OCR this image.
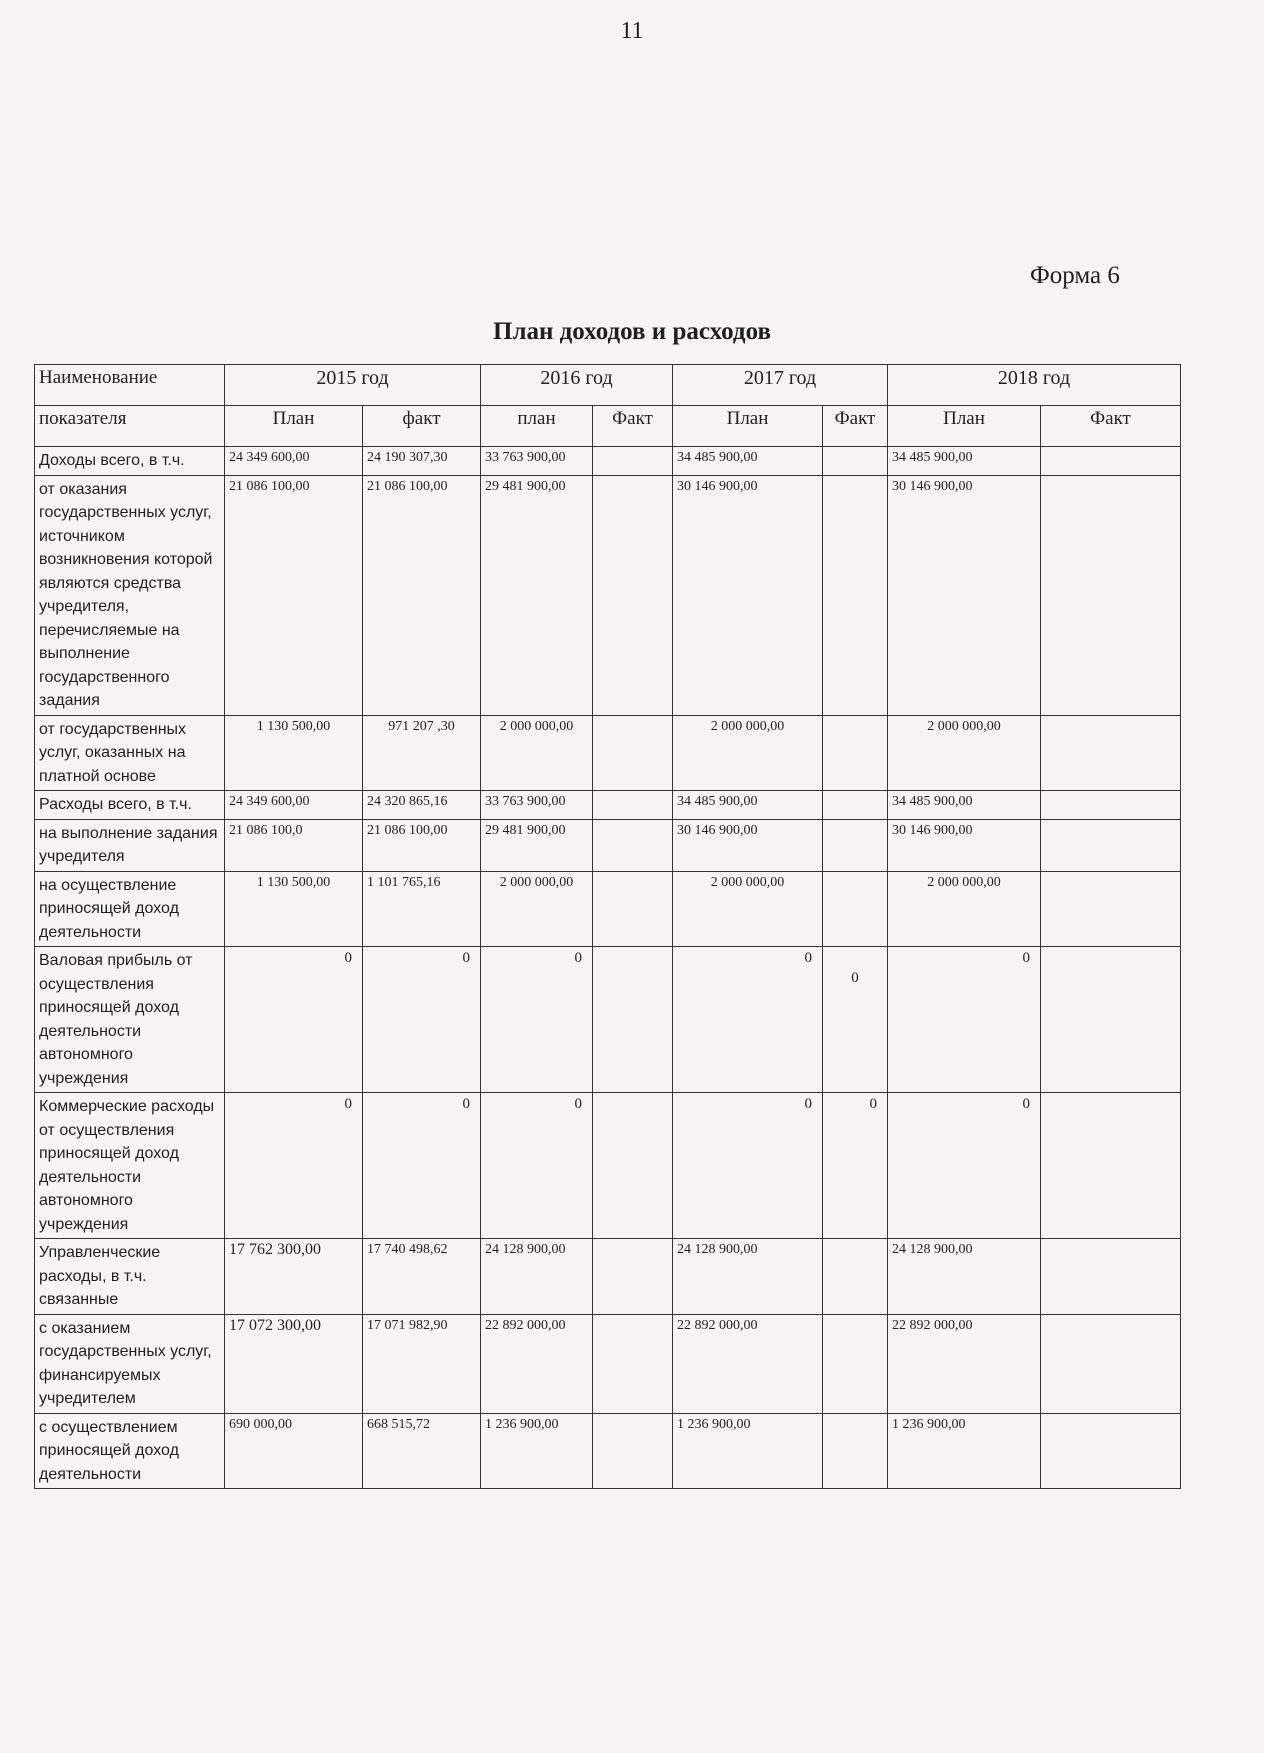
11
Форма 6
План доходов и расходов
Наименование	2015 год		2016 год		2017 год		2018 год	
показателя	План	факт	план	Факт	План	Факт	План	Факт
Доходы всего, в т.ч.	24 349 600,00	24 190 307,30	33 763 900,00		34 485 900,00		34 485 900,00	
от оказания государственных услуг, источником возникновения которой являются средства учредителя, перечисляемые на выполнение государственного задания	21 086 100,00	21 086 100,00	29 481 900,00		30 146 900,00		30 146 900,00	
от государственных услуг, оказанных на платной основе	1 130 500,00	971 207 ,30	2 000 000,00		2 000 000,00		2 000 000,00	
Расходы всего, в т.ч.	24 349 600,00	24 320 865,16	33 763 900,00		34 485 900,00		34 485 900,00	
на выполнение задания учредителя	21 086 100,0	21 086 100,00	29 481 900,00		30 146 900,00		30 146 900,00	
на осуществление приносящей доход деятельности	1 130 500,00	1 101 765,16	2 000 000,00		2 000 000,00		2 000 000,00	
Валовая прибыль от осуществления приносящей доход деятельности автономного учреждения	0	0	0		0	0	0	
Коммерческие расходы от осуществления приносящей доход деятельности автономного учреждения	0	0	0		0	0	0	
Управленческие расходы, в т.ч. связанные	17 762 300,00	17 740 498,62	24 128 900,00		24 128 900,00		24 128 900,00	
с оказанием государственных услуг, финансируемых учредителем	17 072 300,00	17 071 982,90	22 892 000,00		22 892 000,00		22 892 000,00	
с осуществлением приносящей доход деятельности	690 000,00	668 515,72	1 236 900,00		1 236 900,00		1 236 900,00	
